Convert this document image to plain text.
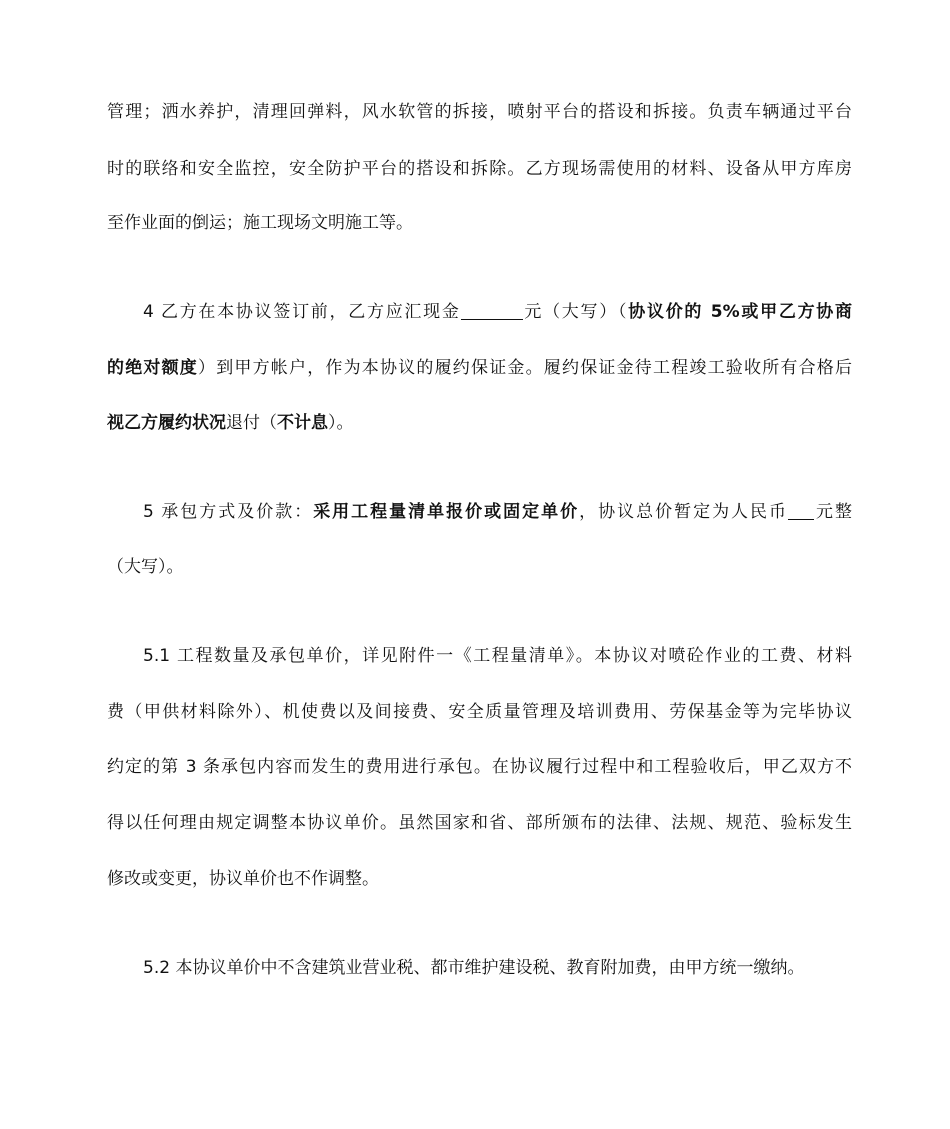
管理；洒水养护，清理回弹料，风水软管的拆接，喷射平台的搭设和拆接。负责车辆通过平台
时的联络和安全监控，安全防护平台的搭设和拆除。乙方现场需使用的材料、设备从甲方库房
至作业面的倒运；施工现场文明施工等。
4 乙方在本协议签订前，乙方应汇现金	元（大写）（协议价的 5%或甲乙方协商
的绝对额度）到甲方帐户，作为本协议的履约保证金。履约保证金待工程竣工验收所有合格后
视乙方履约状况退付（不计息）。
5 承包方式及价款：采用工程量清单报价或固定单价，协议总价暂定为人民币 元整
（大写）。
5.1 工程数量及承包单价，详见附件一《工程量清单》。本协议对喷砼作业的工费、材料
费（甲供材料除外）、机使费以及间接费、安全质量管理及培训费用、劳保基金等为完毕协议
约定的第 3 条承包内容而发生的费用进行承包。在协议履行过程中和工程验收后，甲乙双方不
得以任何理由规定调整本协议单价。虽然国家和省、部所颁布的法律、法规、规范、验标发生
修改或变更，协议单价也不作调整。
5.2 本协议单价中不含建筑业营业税、都市维护建设税、教育附加费，由甲方统一缴纳。
